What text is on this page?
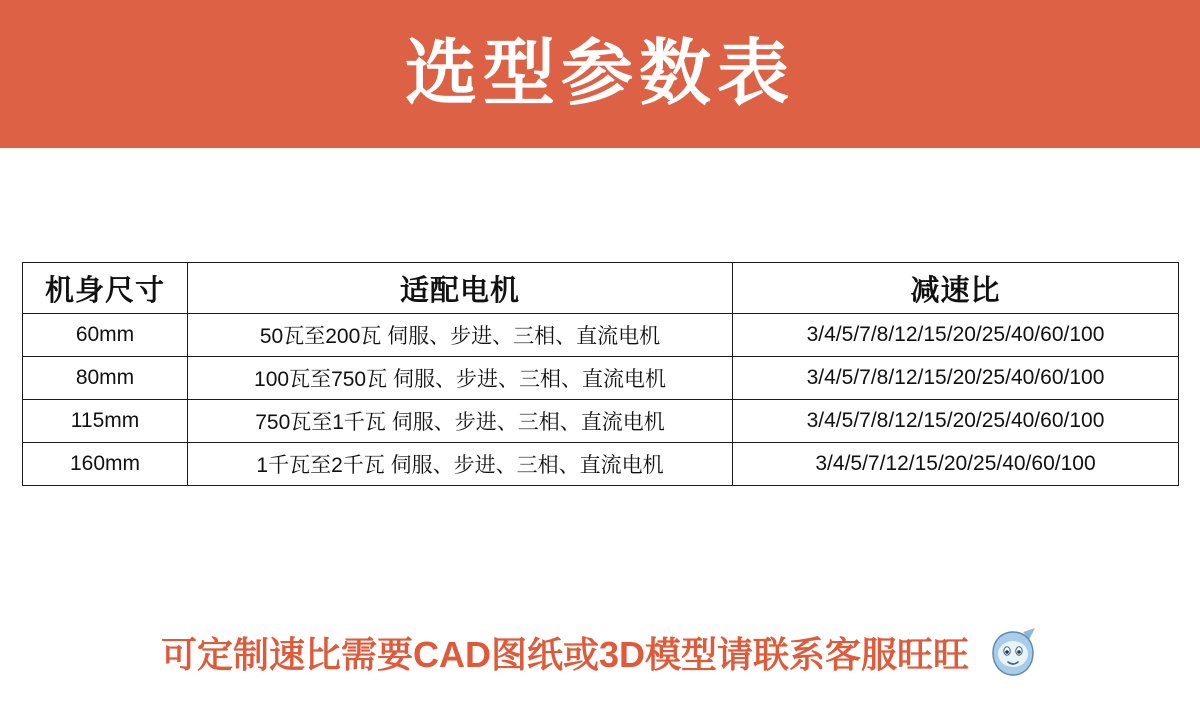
选型参数表
机身尺寸	适配电机	减速比
60mm	50瓦至200瓦 伺服、步进、三相、直流电机	3/4/5/7/8/12/15/20/25/40/60/100
80mm	100瓦至750瓦 伺服、步进、三相、直流电机	3/4/5/7/8/12/15/20/25/40/60/100
115mm	750瓦至1千瓦 伺服、步进、三相、直流电机	3/4/5/7/8/12/15/20/25/40/60/100
160mm	1千瓦至2千瓦 伺服、步进、三相、直流电机	3/4/5/7/12/15/20/25/40/60/100
可定制速比需要CAD图纸或3D模型请联系客服旺旺
